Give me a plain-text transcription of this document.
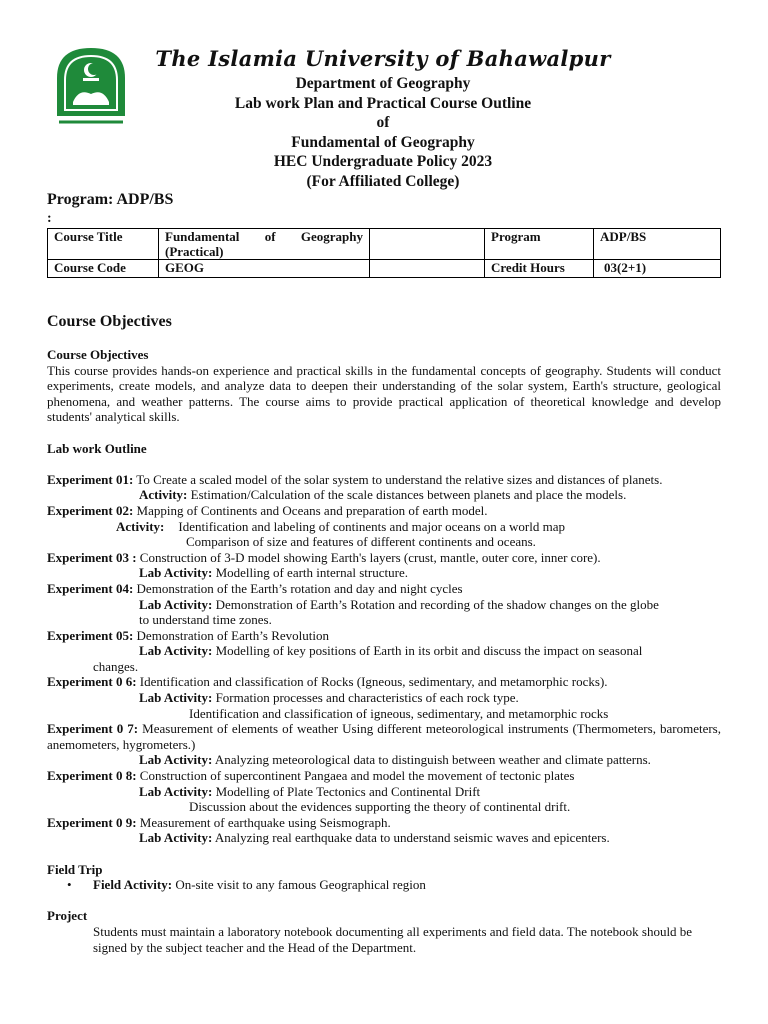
The Islamia University of Bahawalpur
Department of Geography
Lab work Plan and Practical Course Outline
of
Fundamental of Geography
HEC Undergraduate Policy 2023
(For Affiliated College)
Program: ADP/BS
:
Course Title	Fundamental of Geography (Practical)		Program	ADP/BS
Course Code	GEOG		Credit Hours	03(2+1)
Course Objectives
Course Objectives
This course provides hands-on experience and practical skills in the fundamental concepts of geography. Students will conduct experiments, create models, and analyze data to deepen their understanding of the solar system, Earth's structure, geological phenomena, and weather patterns. The course aims to provide practical application of theoretical knowledge and develop students' analytical skills.
Lab work Outline
Experiment 01: To Create a scaled model of the solar system to understand the relative sizes and distances of planets.
Activity: Estimation/Calculation of the scale distances between planets and place the models.
Experiment 02: Mapping of Continents and Oceans and preparation of earth model.
Activity: Identification and labeling of continents and major oceans on a world map
Comparison of size and features of different continents and oceans.
Experiment 03 : Construction of 3-D model showing Earth's layers (crust, mantle, outer core, inner core).
Lab Activity: Modelling of earth internal structure.
Experiment 04: Demonstration of the Earth’s rotation and day and night cycles
Lab Activity: Demonstration of Earth’s Rotation and recording of the shadow changes on the globe
to understand time zones.
Experiment 05: Demonstration of Earth’s Revolution
Lab Activity: Modelling of key positions of Earth in its orbit and discuss the impact on seasonal
changes.
Experiment 0 6: Identification and classification of Rocks (Igneous, sedimentary, and metamorphic rocks).
Lab Activity: Formation processes and characteristics of each rock type.
Identification and classification of igneous, sedimentary, and metamorphic rocks
Experiment 0 7: Measurement of elements of weather Using different meteorological instruments (Thermometers, barometers, anemometers, hygrometers.)
Lab Activity: Analyzing meteorological data to distinguish between weather and climate patterns.
Experiment 0 8: Construction of supercontinent Pangaea and model the movement of tectonic plates
Lab Activity: Modelling of Plate Tectonics and Continental Drift
Discussion about the evidences supporting the theory of continental drift.
Experiment 0 9: Measurement of earthquake using Seismograph.
Lab Activity: Analyzing real earthquake data to understand seismic waves and epicenters.
Field Trip
• Field Activity: On-site visit to any famous Geographical region
Project
Students must maintain a laboratory notebook documenting all experiments and field data. The notebook should be signed by the subject teacher and the Head of the Department.
